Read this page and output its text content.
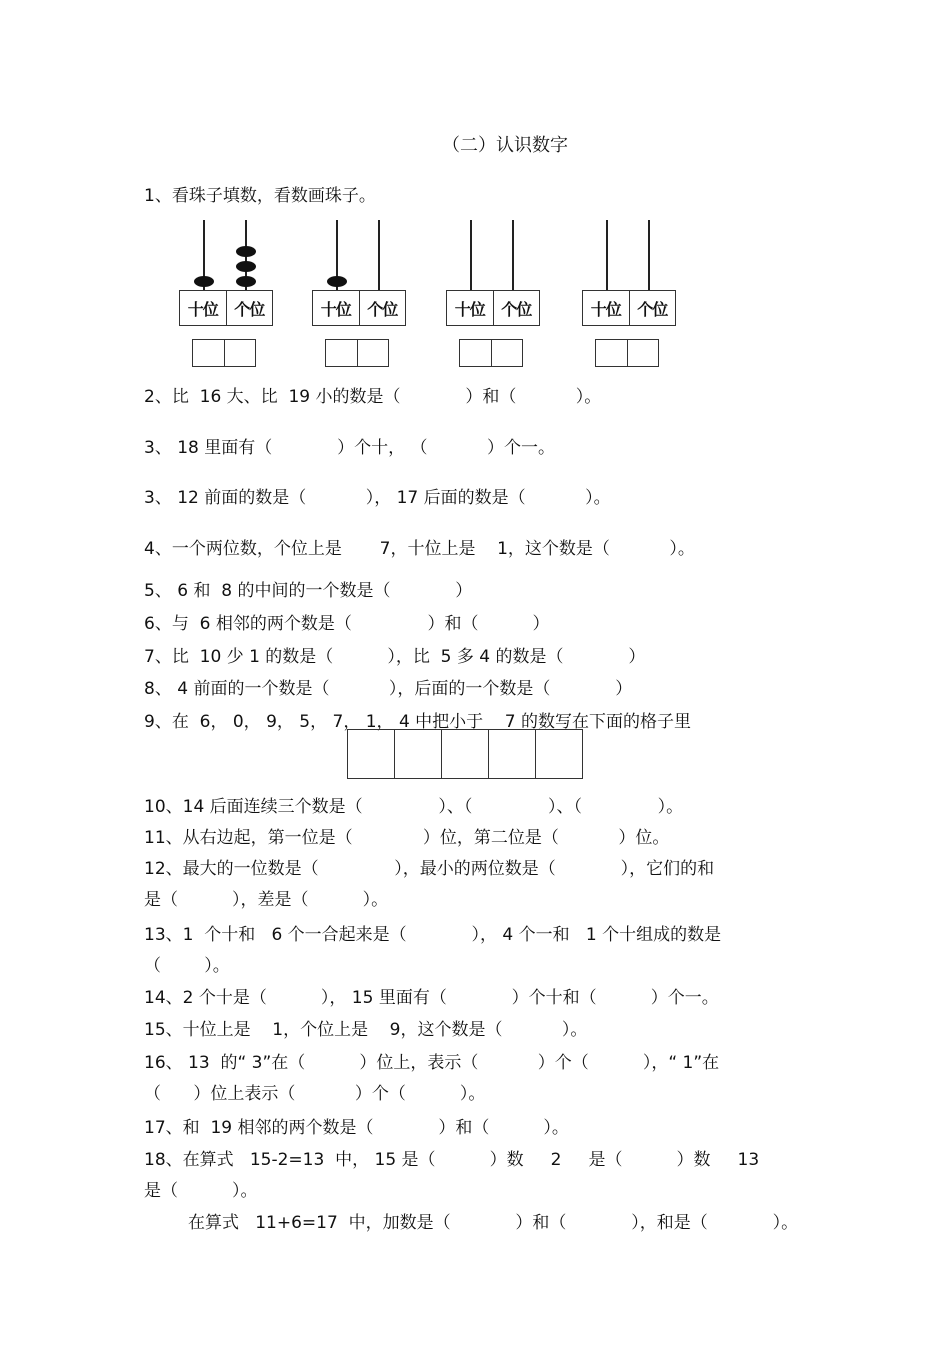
（二）认识数字
1、看珠子填数，看数画珠子。
十位	个位	十位	个位	十位	个位	十位	个位
2、比  16 大、比  19 小的数是（            ）和（           ）。
3、 18 里面有（            ）个十， （           ）个一。
3、 12 前面的数是（           ）， 17 后面的数是（           ）。
4、一个两位数，个位上是       7，十位上是    1，这个数是（           ）。
5、 6 和  8 的中间的一个数是（            ）
6、与  6 相邻的两个数是（              ）和（          ）
7、比  10 少 1 的数是（          ），比  5 多 4 的数是（            ）
8、 4 前面的一个数是（           ），后面的一个数是（            ）
9、在  6， 0， 9， 5， 7， 1， 4 中把小于    7 的数写在下面的格子里
10、14 后面连续三个数是（              ）、（              ）、（              ）。
11、从右边起，第一位是（             ）位，第二位是（           ）位。
12、最大的一位数是（              ），最小的两位数是（            ），它们的和
是（          ），差是（          ）。
13、1  个十和   6 个一合起来是（            ）， 4 个一和   1 个十组成的数是
（        ）。
14、2 个十是（          ）， 15 里面有（            ）个十和（          ）个一。
15、十位上是    1，个位上是    9，这个数是（           ）。
16、 13  的“ 3”在（          ）位上，表示（           ）个（          ），“ 1”在
（      ）位上表示（           ）个（          ）。
17、和  19 相邻的两个数是（            ）和（          ）。
18、在算式   15-2=13  中， 15 是（          ）数     2     是（          ）数     13
是（          ）。
在算式   11+6=17  中，加数是（            ）和（            ），和是（            ）。
